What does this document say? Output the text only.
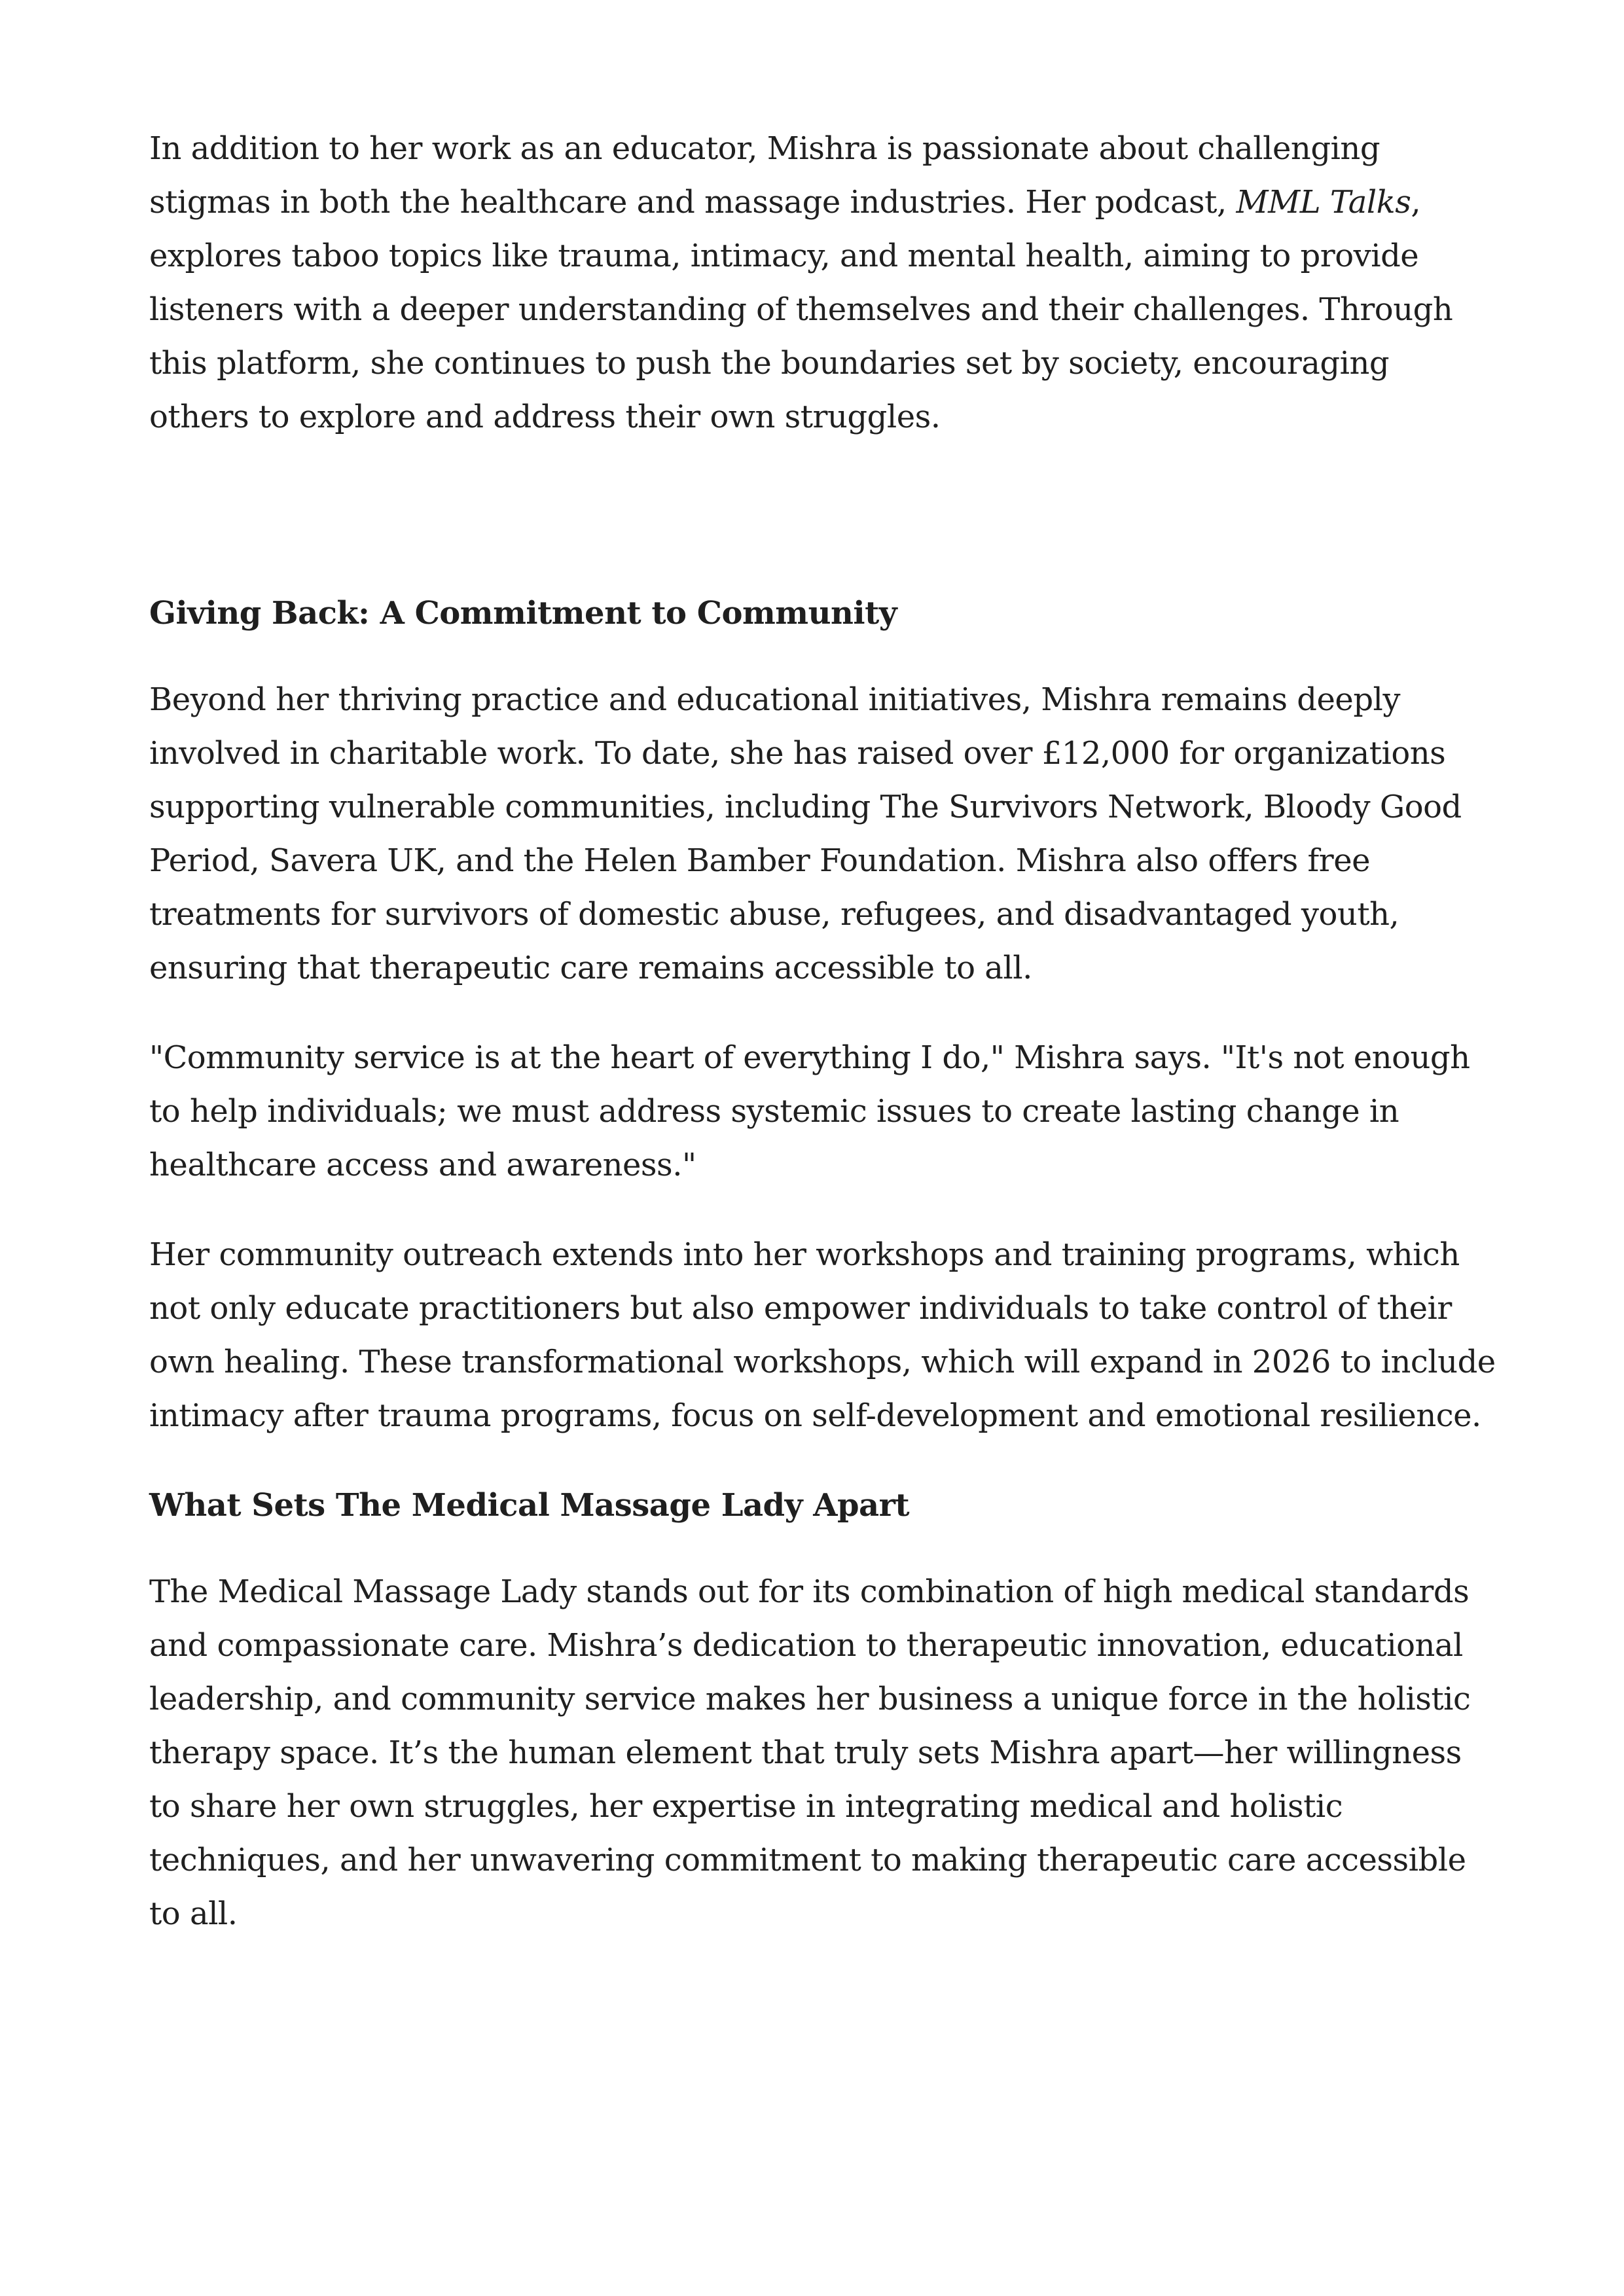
In addition to her work as an educator, Mishra is passionate about challenging stigmas in both the healthcare and massage industries. Her podcast, MML Talks, explores taboo topics like trauma, intimacy, and mental health, aiming to provide listeners with a deeper understanding of themselves and their challenges. Through this platform, she continues to push the boundaries set by society, encouraging others to explore and address their own struggles.

Giving Back: A Commitment to Community

Beyond her thriving practice and educational initiatives, Mishra remains deeply involved in charitable work. To date, she has raised over £12,000 for organizations supporting vulnerable communities, including The Survivors Network, Bloody Good Period, Savera UK, and the Helen Bamber Foundation. Mishra also offers free treatments for survivors of domestic abuse, refugees, and disadvantaged youth, ensuring that therapeutic care remains accessible to all.

"Community service is at the heart of everything I do," Mishra says. "It's not enough to help individuals; we must address systemic issues to create lasting change in healthcare access and awareness."

Her community outreach extends into her workshops and training programs, which not only educate practitioners but also empower individuals to take control of their own healing. These transformational workshops, which will expand in 2026 to include intimacy after trauma programs, focus on self-development and emotional resilience.

What Sets The Medical Massage Lady Apart

The Medical Massage Lady stands out for its combination of high medical standards and compassionate care. Mishra’s dedication to therapeutic innovation, educational leadership, and community service makes her business a unique force in the holistic therapy space. It’s the human element that truly sets Mishra apart—her willingness to share her own struggles, her expertise in integrating medical and holistic techniques, and her unwavering commitment to making therapeutic care accessible to all.
